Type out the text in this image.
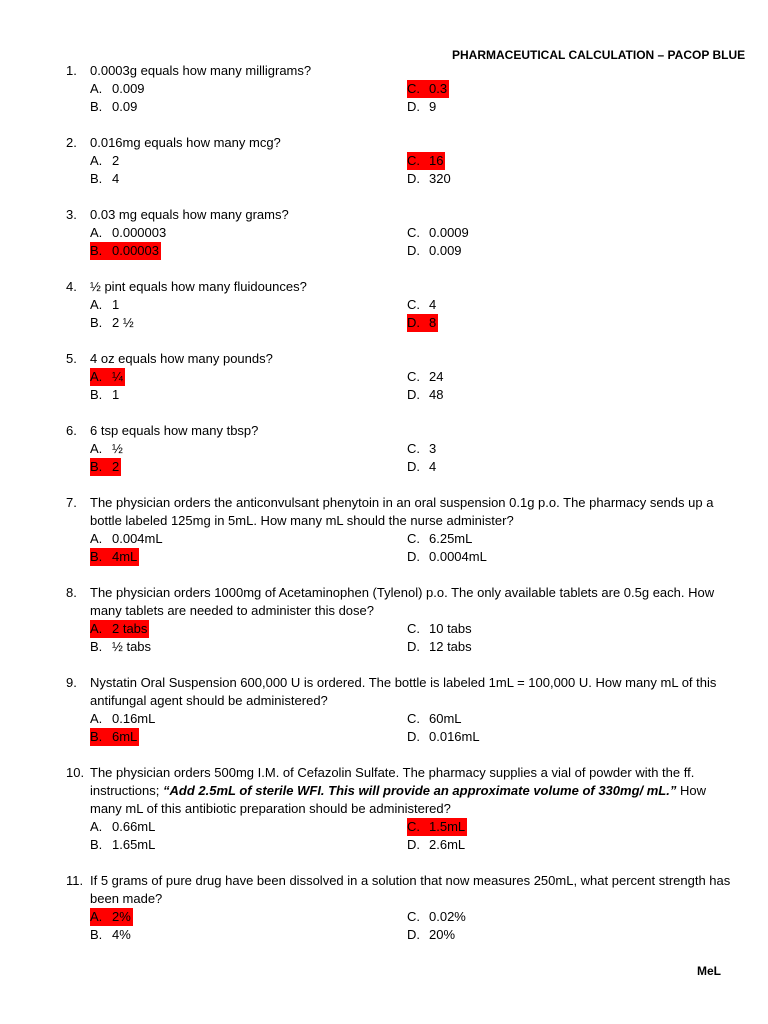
PHARMACEUTICAL CALCULATION – PACOP BLUE
1.	0.0003g equals how many milligrams?
A. 0.009	C. 0.3
B. 0.09	D. 9
2.	0.016mg equals how many mcg?
A. 2	C. 16
B. 4	D. 320
3.	0.03 mg equals how many grams?
A. 0.000003	C. 0.0009
B. 0.00003	D. 0.009
4.	½ pint equals how many fluidounces?
A. 1	C. 4
B. 2 ½	D. 8
5.	4 oz equals how many pounds?
A. ¼	C. 24
B. 1	D. 48
6.	6 tsp equals how many tbsp?
A. ½	C. 3
B. 2	D. 4
7.	The physician orders the anticonvulsant phenytoin in an oral suspension 0.1g p.o. The pharmacy sends up a bottle labeled 125mg in 5mL. How many mL should the nurse administer?
A. 0.004mL	C. 6.25mL
B. 4mL	D. 0.0004mL
8.	The physician orders 1000mg of Acetaminophen (Tylenol) p.o. The only available tablets are 0.5g each. How many tablets are needed to administer this dose?
A. 2 tabs	C. 10 tabs
B. ½ tabs	D. 12 tabs
9.	Nystatin Oral Suspension 600,000 U is ordered. The bottle is labeled 1mL = 100,000 U. How many mL of this antifungal agent should be administered?
A. 0.16mL	C. 60mL
B. 6mL	D. 0.016mL
10. The physician orders 500mg I.M. of Cefazolin Sulfate. The pharmacy supplies a vial of powder with the ff. instructions; “Add 2.5mL of sterile WFI. This will provide an approximate volume of 330mg/ mL.” How many mL of this antibiotic preparation should be administered?
A. 0.66mL	C. 1.5mL
B. 1.65mL	D. 2.6mL
11. If 5 grams of pure drug have been dissolved in a solution that now measures 250mL, what percent strength has been made?
A. 2%	C. 0.02%
B. 4%	D. 20%
MeL
